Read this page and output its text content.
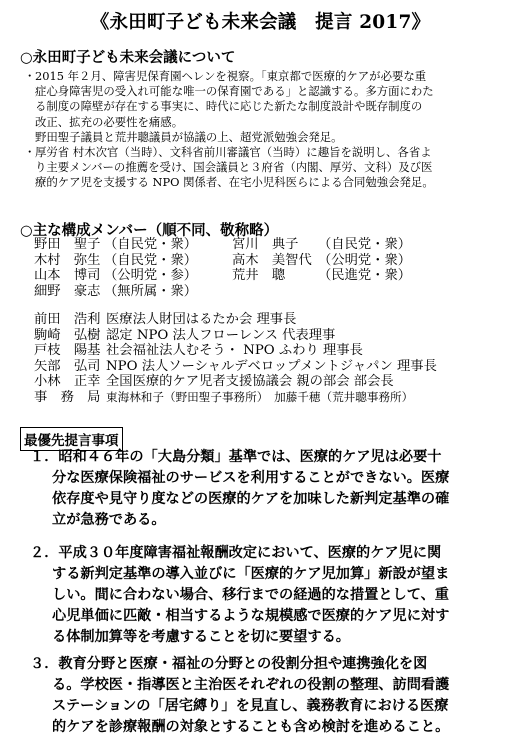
《永田町子ども未来会議　提言 2017》
○永田町子ども未来会議について
・ 2015 年２月、障害児保育園ヘレンを視察。「東京都で医療的ケアが必要な重

症心身障害児の受入れ可能な唯一の保育園である」と認識する。多方面にわた

る制度の障壁が存在する事実に、時代に応じた新たな制度設計や既存制度の

改正、拡充の必要性を痛感。

野田聖子議員と荒井聰議員が協議の上、超党派勉強会発足。

・ 厚労省 村木次官（当時）、文科省前川審議官（当時）に趣旨を説明し、各省よ

り主要メンバーの推薦を受け、国会議員と３府省（内閣、厚労、文科）及び医

療的ケア児を支援する NPO 関係者、在宅小児科医らによる合同勉強会発足。

○主な構成メンバー（順不同、敬称略）
野田　聖子 （自民党・衆）	宮川　典子	（自民党・衆）
木村　弥生 （自民党・衆）	高木　美智代 （公明党・衆）
山本　博司 （公明党・参）	荒井　聰	（民進党・衆）
細野　豪志 （無所属・衆）
前田　浩利 医療法人財団はるたか会 理事長
駒崎　弘樹 認定 NPO 法人フローレンス 代表理事
戸枝　陽基 社会福祉法人むそう・ NPO ふわり 理事長
矢部　弘司 NPO 法人ソーシャルデベロップメントジャパン 理事長
小林　正幸 全国医療的ケア児者支援協議会 親の部会 部会長
事　務　局 東海林和子（野田聖子事務所）　加藤千穂（荒井聰事務所）
最優先提言事項
１．昭和４６年の「大島分類」基準では、医療的ケア児は必要十
分な医療保険福祉のサービスを利用することができない。医療
依存度や見守り度などの医療的ケアを加味した新判定基準の確
立が急務である。
２．平成３０年度障害福祉報酬改定において、医療的ケア児に関
する新判定基準の導入並びに「医療的ケア児加算」新設が望ま
しい。間に合わない場合、移行までの経過的な措置として、重
心児単価に匹敵・相当するような規模感で医療的ケア児に対す
る体制加算等を考慮することを切に要望する。
３．教育分野と医療・福祉の分野との役割分担や連携強化を図
る。学校医・指導医と主治医それぞれの役割の整理、訪問看護
ステーションの「居宅縛り」を見直し、義務教育における医療
的ケアを診療報酬の対象とすることも含め検討を進めること。
